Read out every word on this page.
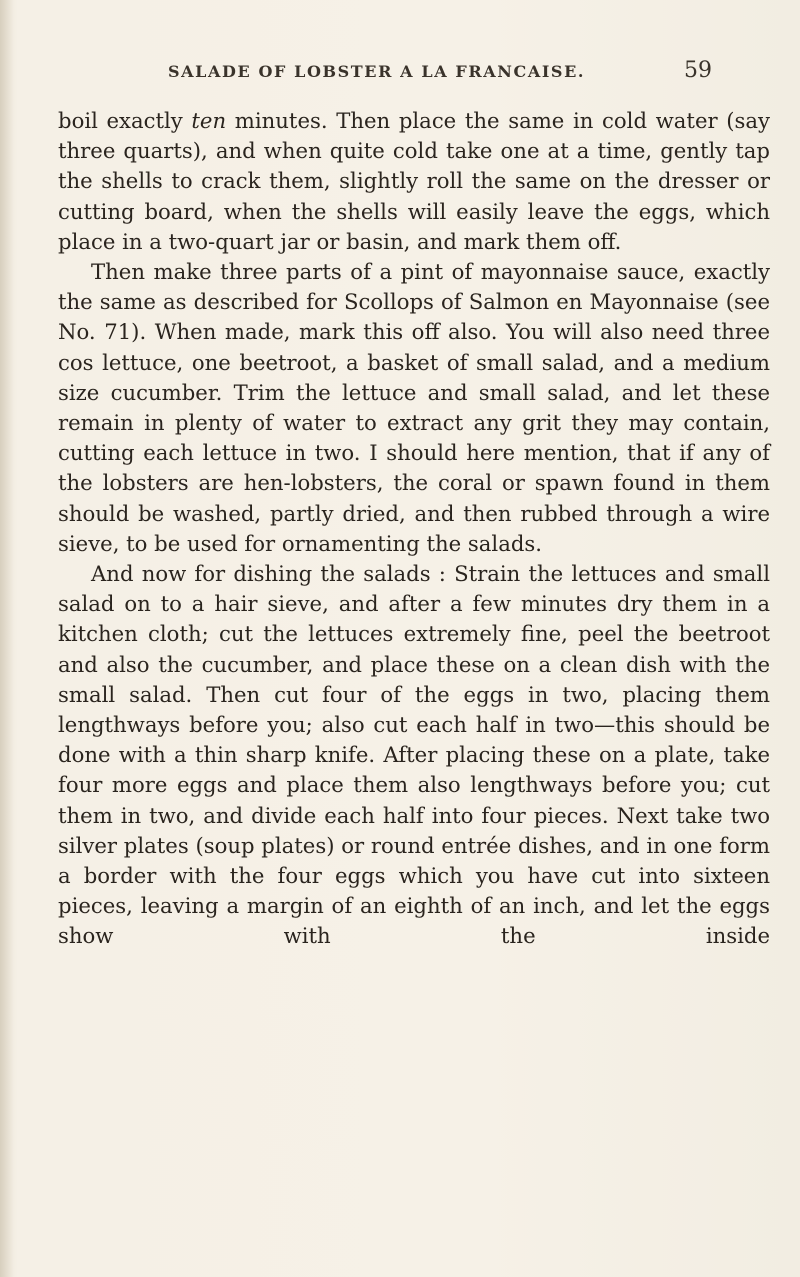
SALADE OF LOBSTER A LA FRANCAISE.	59

boil exactly ten minutes. Then place the same in cold water (say three quarts), and when quite cold take one at a time, gently tap the shells to crack them, slightly roll the same on the dresser or cutting board, when the shells will easily leave the eggs, which place in a two-quart jar or basin, and mark them off.

Then make three parts of a pint of mayonnaise sauce, exactly the same as described for Scollops of Salmon en Mayonnaise (see No. 71). When made, mark this off also. You will also need three cos lettuce, one beetroot, a basket of small salad, and a medium size cucumber. Trim the lettuce and small salad, and let these remain in plenty of water to extract any grit they may contain, cutting each lettuce in two. I should here mention, that if any of the lobsters are hen-lobsters, the coral or spawn found in them should be washed, partly dried, and then rubbed through a wire sieve, to be used for ornamenting the salads.

And now for dishing the salads : Strain the lettuces and small salad on to a hair sieve, and after a few minutes dry them in a kitchen cloth; cut the lettuces extremely fine, peel the beetroot and also the cucumber, and place these on a clean dish with the small salad. Then cut four of the eggs in two, placing them lengthways before you; also cut each half in two—this should be done with a thin sharp knife. After placing these on a plate, take four more eggs and place them also lengthways before you; cut them in two, and divide each half into four pieces. Next take two silver plates (soup plates) or round entrée dishes, and in one form a border with the four eggs which you have cut into sixteen pieces, leaving a margin of an eighth of an inch, and let the eggs show with the inside
